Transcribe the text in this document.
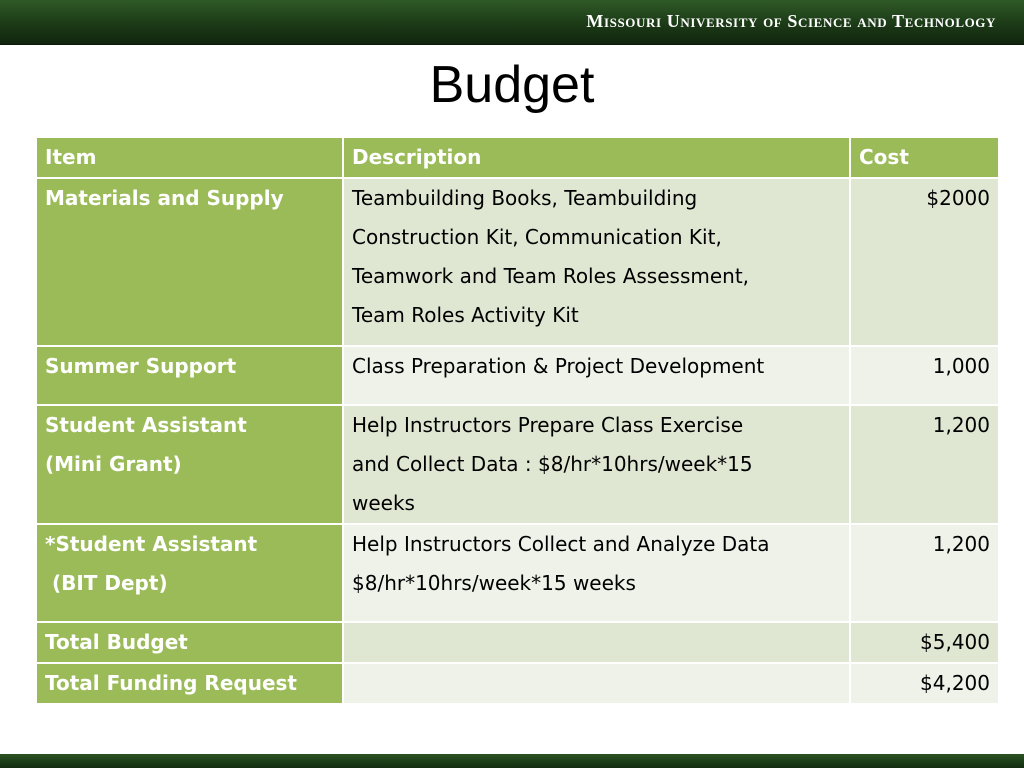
Missouri University of Science and Technology
Budget
Item	Description	Cost

Materials and Supply	Teambuilding Books, Teambuilding
Construction Kit, Communication Kit,
Teamwork and Team Roles Assessment,
Team Roles Activity Kit	$2000

Summer Support	Class Preparation & Project Development	1,000

Student Assistant
(Mini Grant)	Help Instructors Prepare Class Exercise
and Collect Data : $8/hr*10hrs/week*15
weeks	1,200

*Student Assistant
(BIT Dept)	Help Instructors Collect and Analyze Data
$8/hr*10hrs/week*15 weeks	1,200

Total Budget		$5,400

Total Funding Request		$4,200
